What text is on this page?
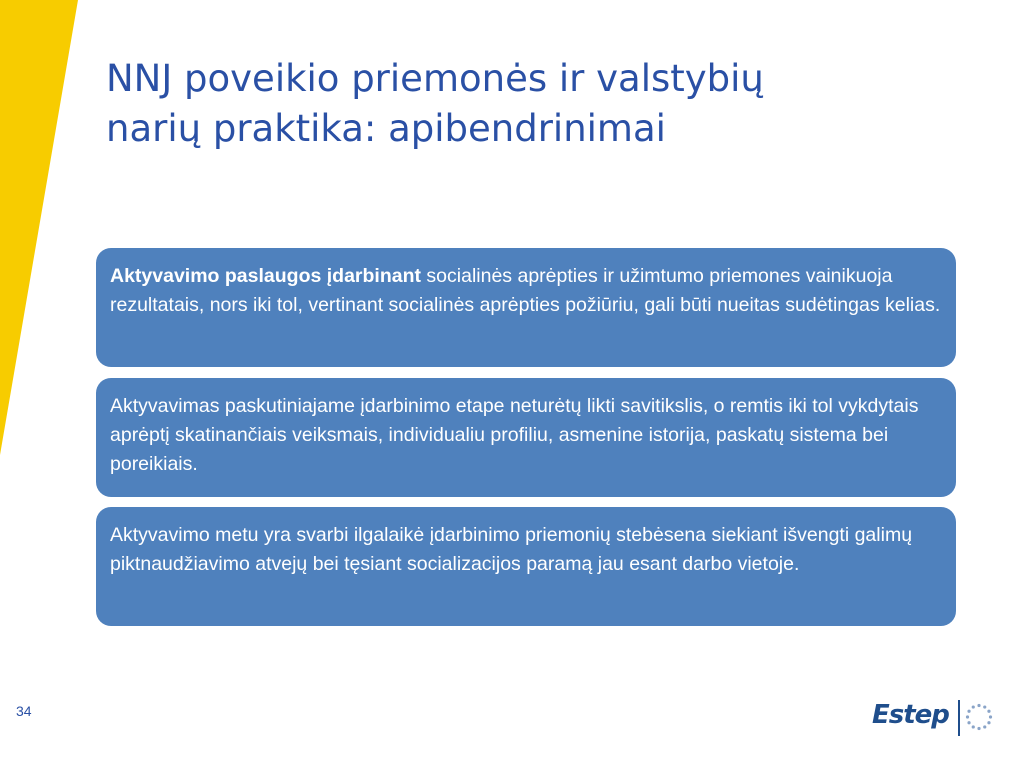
NNJ poveikio priemonės ir valstybių
narių praktika: apibendrinimai

Aktyvavimo paslaugos įdarbinant socialinės aprėpties ir užimtumo priemones vainikuoja rezultatais, nors iki tol, vertinant socialinės aprėpties požiūriu, gali būti nueitas sudėtingas kelias.

Aktyvavimas paskutiniajame įdarbinimo etape neturėtų likti savitikslis, o remtis iki tol vykdytais aprėptį skatinančiais veiksmais, individualiu profiliu, asmenine istorija, paskatų sistema bei poreikiais.

Aktyvavimo metu yra svarbi ilgalaikė įdarbinimo priemonių stebėsena siekiant išvengti galimų piktnaudžiavimo atvejų bei tęsiant socializacijos paramą jau esant darbo vietoje.

34	Estep
